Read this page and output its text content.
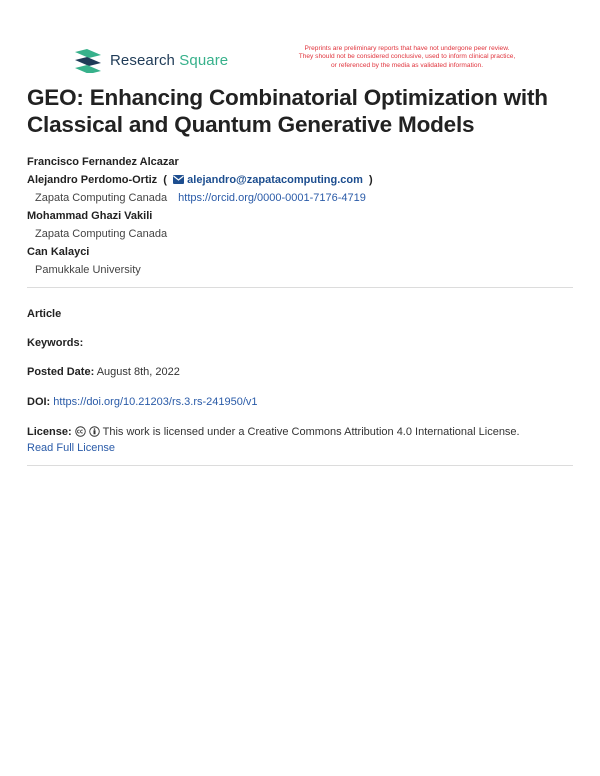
Research Square
Preprints are preliminary reports that have not undergone peer review.
They should not be considered conclusive, used to inform clinical practice,
or referenced by the media as validated information.
GEO: Enhancing Combinatorial Optimization with
Classical and Quantum Generative Models
Francisco Fernandez Alcazar
Alejandro Perdomo-Ortiz  (   alejandro@zapatacomputing.com  )
Zapata Computing Canada https://orcid.org/0000-0001-7176-4719
Mohammad Ghazi Vakili
Zapata Computing Canada
Can Kalayci
Pamukkale University
Article
Keywords:
Posted Date: August 8th, 2022
DOI: https://doi.org/10.21203/rs.3.rs-241950/v1
License:	This work is licensed under a Creative Commons Attribution 4.0 International License.
Read Full License
